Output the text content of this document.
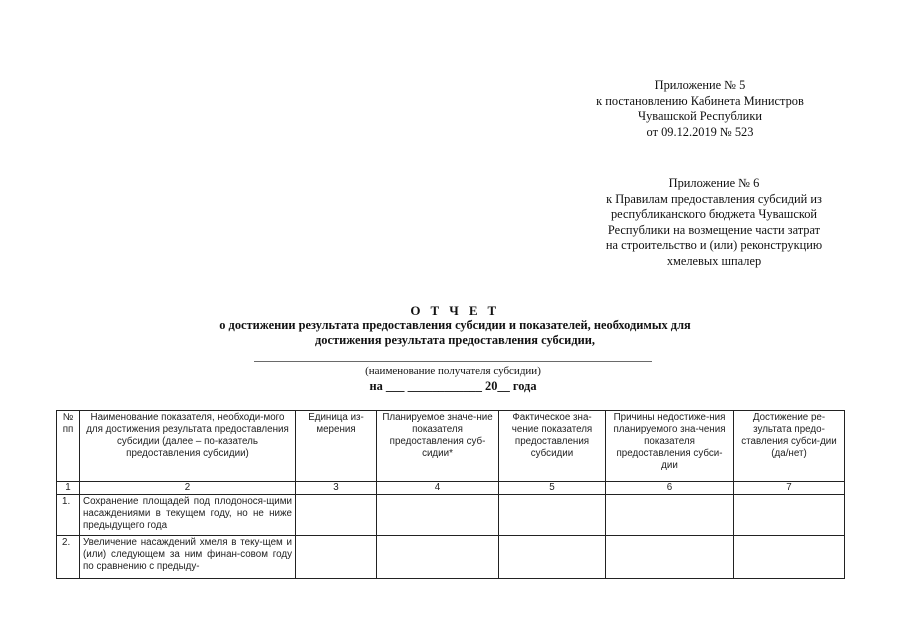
Приложение № 5
к постановлению Кабинета Министров
Чувашской Республики
от 09.12.2019 № 523
Приложение № 6
к Правилам предоставления субсидий из
республиканского бюджета Чувашской
Республики на возмещение части затрат
на строительство и (или) реконструкцию
хмелевых шпалер
О Т Ч Е Т
о достижении результата предоставления субсидии и показателей, необходимых для
достижения результата предоставления субсидии,
(наименование получателя субсидии)
на ___ ____________ 20__ года
№ пп	Наименование показателя, необходи-мого для достижения результата предоставления субсидии (далее – по-казатель предоставления субсидии)	Единица из-мерения	Планируемое значе-ние показателя предоставления суб-сидии*	Фактическое зна-чение показателя предоставления субсидии	Причины недостиже-ния планируемого зна-чения показателя предоставления субси-дии	Достижение ре-зультата предо-ставления субси-дии (да/нет)
1	2	3	4	5	6	7
1.	Сохранение площадей под плодонося-щими насаждениями в текущем году, но не ниже предыдущего года					
2.	Увеличение насаждений хмеля в теку-щем и (или) следующем за ним финан-совом году по сравнению с предыду-					
